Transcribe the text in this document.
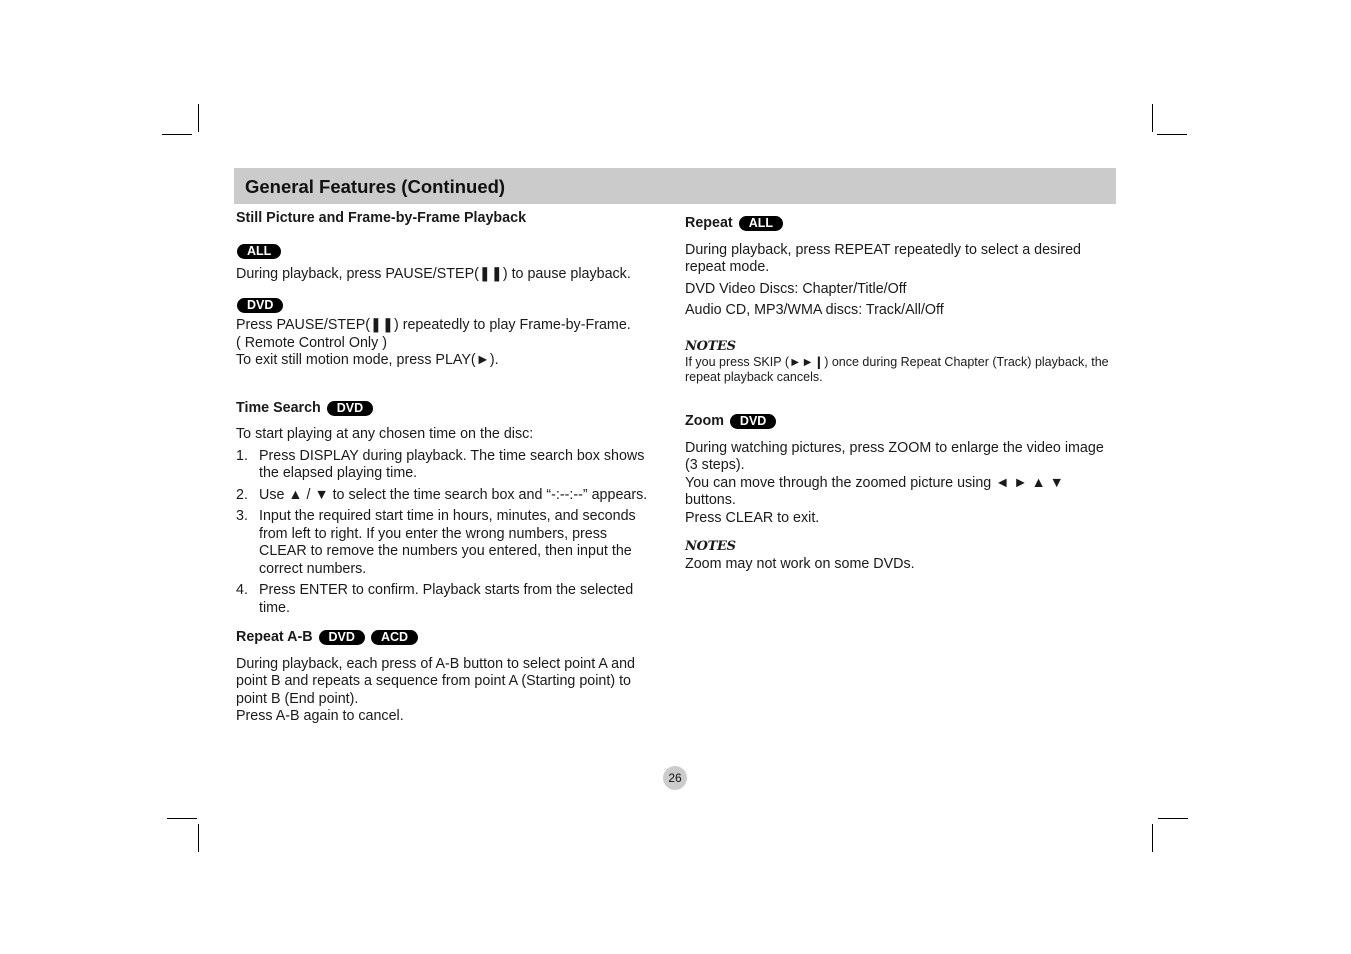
General Features (Continued)
Still Picture and Frame-by-Frame Playback
ALL

During playback, press PAUSE/STEP(❚❚) to pause playback.

DVD

Press PAUSE/STEP(❚❚) repeatedly to play Frame-by-Frame.

( Remote Control Only )

To exit still motion mode, press PLAY(►).

Time Search	DVD

To start playing at any chosen time on the disc:

1. Press DISPLAY during playback. The time search box shows the elapsed playing time.
2. Use ▲ / ▼ to select the time search box and “-:--:--” appears.
3. Input the required start time in hours, minutes, and seconds from left to right. If you enter the wrong numbers, press CLEAR to remove the numbers you entered, then input the correct numbers.
4. Press ENTER to confirm. Playback starts from the selected time.
Repeat A-B	DVD	ACD

During playback, each press of A-B button to select point A and point B and repeats a sequence from point A (Starting point) to point B (End point).

Press A-B again to cancel.

Repeat	ALL

During playback, press REPEAT repeatedly to select a desired repeat mode.

DVD Video Discs: Chapter/Title/Off

Audio CD, MP3/WMA discs: Track/All/Off

NOTES

If you press SKIP (►►❙) once during Repeat Chapter (Track) playback, the repeat playback cancels.

Zoom	DVD

During watching pictures, press ZOOM to enlarge the video image (3 steps).

You can move through the zoomed picture using ◄ ► ▲ ▼ buttons.

Press CLEAR to exit.

NOTES

Zoom may not work on some DVDs.

26
